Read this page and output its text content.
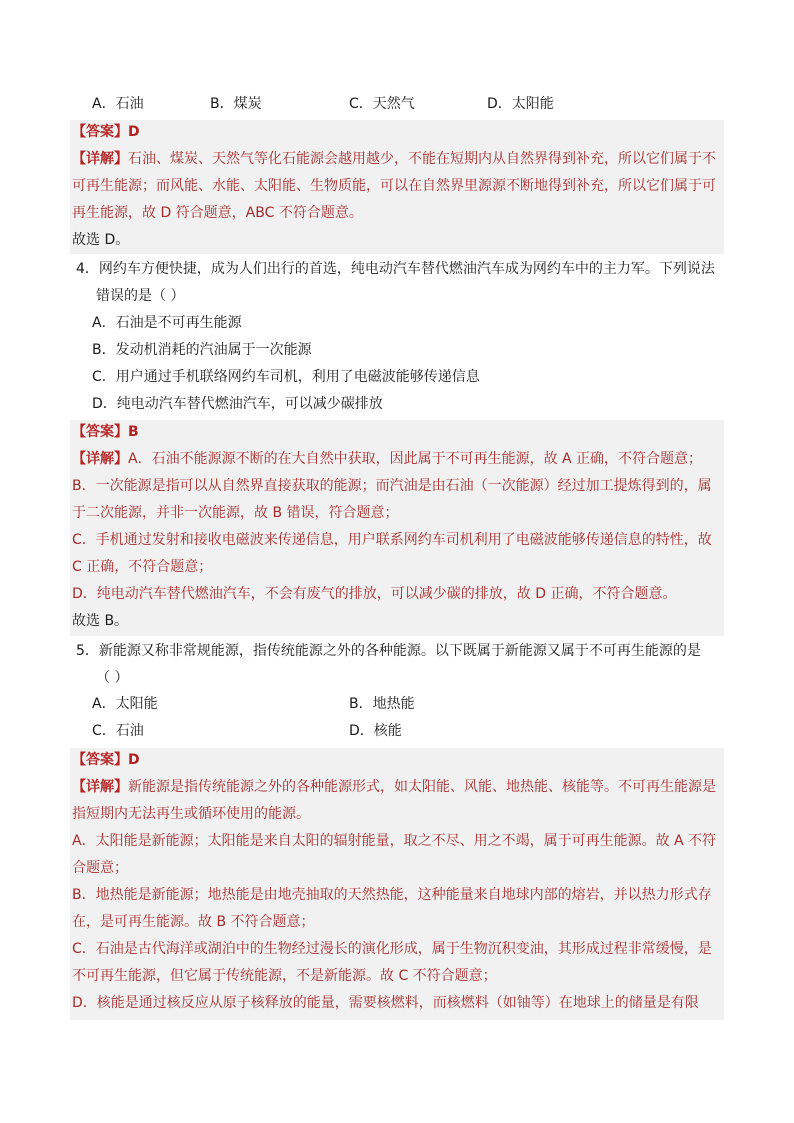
A．石油	B．煤炭	C．天然气	D．太阳能
【答案】D
【详解】石油、煤炭、天然气等化石能源会越用越少，不能在短期内从自然界得到补充，所以它们属于不
可再生能源；而风能、水能、太阳能、生物质能，可以在自然界里源源不断地得到补充，所以它们属于可
再生能源，故 D 符合题意，ABC 不符合题意。
故选 D。
4．网约车方便快捷，成为人们出行的首选，纯电动汽车替代燃油汽车成为网约车中的主力军。下列说法
错误的是（ ）
A．石油是不可再生能源
B．发动机消耗的汽油属于一次能源
C．用户通过手机联络网约车司机，利用了电磁波能够传递信息
D．纯电动汽车替代燃油汽车，可以减少碳排放
【答案】B
【详解】A．石油不能源源不断的在大自然中获取，因此属于不可再生能源，故 A 正确，不符合题意；
B．一次能源是指可以从自然界直接获取的能源；而汽油是由石油（一次能源）经过加工提炼得到的，属
于二次能源，并非一次能源，故 B 错误，符合题意；
C．手机通过发射和接收电磁波来传递信息，用户联系网约车司机利用了电磁波能够传递信息的特性，故
C 正确，不符合题意；
D．纯电动汽车替代燃油汽车，不会有废气的排放，可以减少碳的排放，故 D 正确，不符合题意。
故选 B。
5．新能源又称非常规能源，指传统能源之外的各种能源。以下既属于新能源又属于不可再生能源的是
（ ）
A．太阳能	B．地热能
C．石油	D．核能
【答案】D
【详解】新能源是指传统能源之外的各种能源形式，如太阳能、风能、地热能、核能等。不可再生能源是
指短期内无法再生或循环使用的能源。
A．太阳能是新能源；太阳能是来自太阳的辐射能量，取之不尽、用之不竭，属于可再生能源。故 A 不符
合题意；
B．地热能是新能源；地热能是由地壳抽取的天然热能，这种能量来自地球内部的熔岩，并以热力形式存
在，是可再生能源。故 B 不符合题意；
C．石油是古代海洋或湖泊中的生物经过漫长的演化形成，属于生物沉积变油，其形成过程非常缓慢，是
不可再生能源，但它属于传统能源，不是新能源。故 C 不符合题意；
D．核能是通过核反应从原子核释放的能量，需要核燃料，而核燃料（如铀等）在地球上的储量是有限
